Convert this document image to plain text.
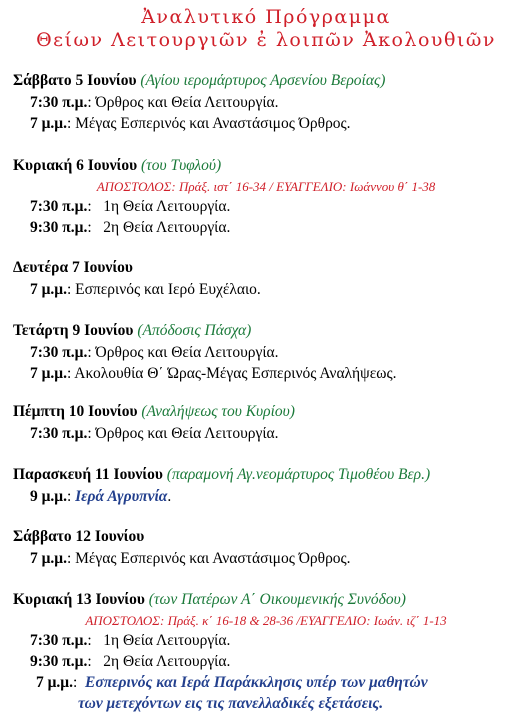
Ἀναλυτικό Πρόγραμμα
Θείων Λειτουργιῶν ἐ λοιπῶν Ἀκολουθιῶν
Σάββατο 5 Ιουνίου (Αγίου ιερομάρτυρος Αρσενίου Βεροίας)
7:30 π.μ.: Όρθρος και Θεία Λειτουργία.
7 μ.μ.: Μέγας Εσπερινός και Αναστάσιμος Όρθρος.
Κυριακή 6 Ιουνίου (του Τυφλού)
ΑΠΟΣΤΟΛΟΣ: Πράξ. ιστ΄ 16-34 / ΕΥΑΓΓΕΛΙΟ: Ιωάννου θ΄ 1-38
7:30 π.μ.:   1η Θεία Λειτουργία.
9:30 π.μ.:   2η Θεία Λειτουργία.
Δευτέρα 7 Ιουνίου
7 μ.μ.: Εσπερινός και Ιερό Ευχέλαιο.
Τετάρτη 9 Ιουνίου (Απόδοσις Πάσχα)
7:30 π.μ.: Όρθρος και Θεία Λειτουργία.
7 μ.μ.: Ακολουθία Θ΄ Ώρας-Μέγας Εσπερινός Αναλήψεως.
Πέμπτη 10 Ιουνίου (Αναλήψεως του Κυρίου)
7:30 π.μ.: Όρθρος και Θεία Λειτουργία.
Παρασκευή 11 Ιουνίου (παραμονή Αγ.νεομάρτυρος Τιμοθέου Βερ.)
9 μ.μ.: Ιερά Αγρυπνία.
Σάββατο 12 Ιουνίου
7 μ.μ.: Μέγας Εσπερινός και Αναστάσιμος Όρθρος.
Κυριακή 13 Ιουνίου (των Πατέρων Α΄ Οικουμενικής Συνόδου)
ΑΠΟΣΤΟΛΟΣ: Πράξ. κ΄ 16-18 & 28-36 /ΕΥΑΓΓΕΛΙΟ: Ιωάν. ιζ΄ 1-13
7:30 π.μ.:   1η Θεία Λειτουργία.
9:30 π.μ.:   2η Θεία Λειτουργία.
7 μ.μ.: Εσπερινός και Ιερά Παράκκλησις υπέρ των μαθητών
των μετεχόντων εις τις πανελλαδικές εξετάσεις.
